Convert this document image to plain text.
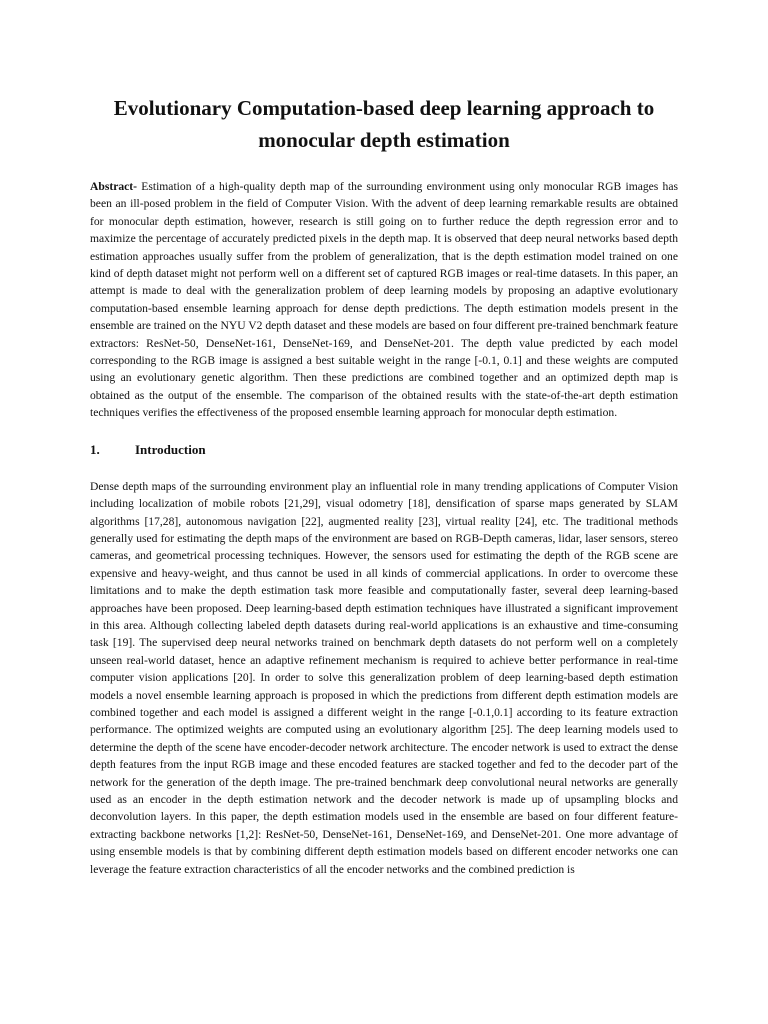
Evolutionary Computation-based deep learning approach to
monocular depth estimation

Abstract- Estimation of a high-quality depth map of the surrounding environment using only monocular RGB images has been an ill-posed problem in the field of Computer Vision. With the advent of deep learning remarkable results are obtained for monocular depth estimation, however, research is still going on to further reduce the depth regression error and to maximize the percentage of accurately predicted pixels in the depth map. It is observed that deep neural networks based depth estimation approaches usually suffer from the problem of generalization, that is the depth estimation model trained on one kind of depth dataset might not perform well on a different set of captured RGB images or real-time datasets. In this paper, an attempt is made to deal with the generalization problem of deep learning models by proposing an adaptive evolutionary computation-based ensemble learning approach for dense depth predictions. The depth estimation models present in the ensemble are trained on the NYU V2 depth dataset and these models are based on four different pre-trained benchmark feature extractors: ResNet-50, DenseNet-161, DenseNet-169, and DenseNet-201. The depth value predicted by each model corresponding to the RGB image is assigned a best suitable weight in the range [-0.1, 0.1] and these weights are computed using an evolutionary genetic algorithm. Then these predictions are combined together and an optimized depth map is obtained as the output of the ensemble. The comparison of the obtained results with the state-of-the-art depth estimation techniques verifies the effectiveness of the proposed ensemble learning approach for monocular depth estimation.

1.	Introduction

Dense depth maps of the surrounding environment play an influential role in many trending applications of Computer Vision including localization of mobile robots [21,29], visual odometry [18], densification of sparse maps generated by SLAM algorithms [17,28], autonomous navigation [22], augmented reality [23], virtual reality [24], etc. The traditional methods generally used for estimating the depth maps of the environment are based on RGB-Depth cameras, lidar, laser sensors, stereo cameras, and geometrical processing techniques. However, the sensors used for estimating the depth of the RGB scene are expensive and heavy-weight, and thus cannot be used in all kinds of commercial applications. In order to overcome these limitations and to make the depth estimation task more feasible and computationally faster, several deep learning-based approaches have been proposed. Deep learning-based depth estimation techniques have illustrated a significant improvement in this area. Although collecting labeled depth datasets during real-world applications is an exhaustive and time-consuming task [19]. The supervised deep neural networks trained on benchmark depth datasets do not perform well on a completely unseen real-world dataset, hence an adaptive refinement mechanism is required to achieve better performance in real-time computer vision applications [20]. In order to solve this generalization problem of deep learning-based depth estimation models a novel ensemble learning approach is proposed in which the predictions from different depth estimation models are combined together and each model is assigned a different weight in the range [-0.1,0.1] according to its feature extraction performance. The optimized weights are computed using an evolutionary algorithm [25]. The deep learning models used to determine the depth of the scene have encoder-decoder network architecture. The encoder network is used to extract the dense depth features from the input RGB image and these encoded features are stacked together and fed to the decoder part of the network for the generation of the depth image. The pre-trained benchmark deep convolutional neural networks are generally used as an encoder in the depth estimation network and the decoder network is made up of upsampling blocks and deconvolution layers. In this paper, the depth estimation models used in the ensemble are based on four different feature-extracting backbone networks [1,2]: ResNet-50, DenseNet-161, DenseNet-169, and DenseNet-201. One more advantage of using ensemble models is that by combining different depth estimation models based on different encoder networks one can leverage the feature extraction characteristics of all the encoder networks and the combined prediction is
